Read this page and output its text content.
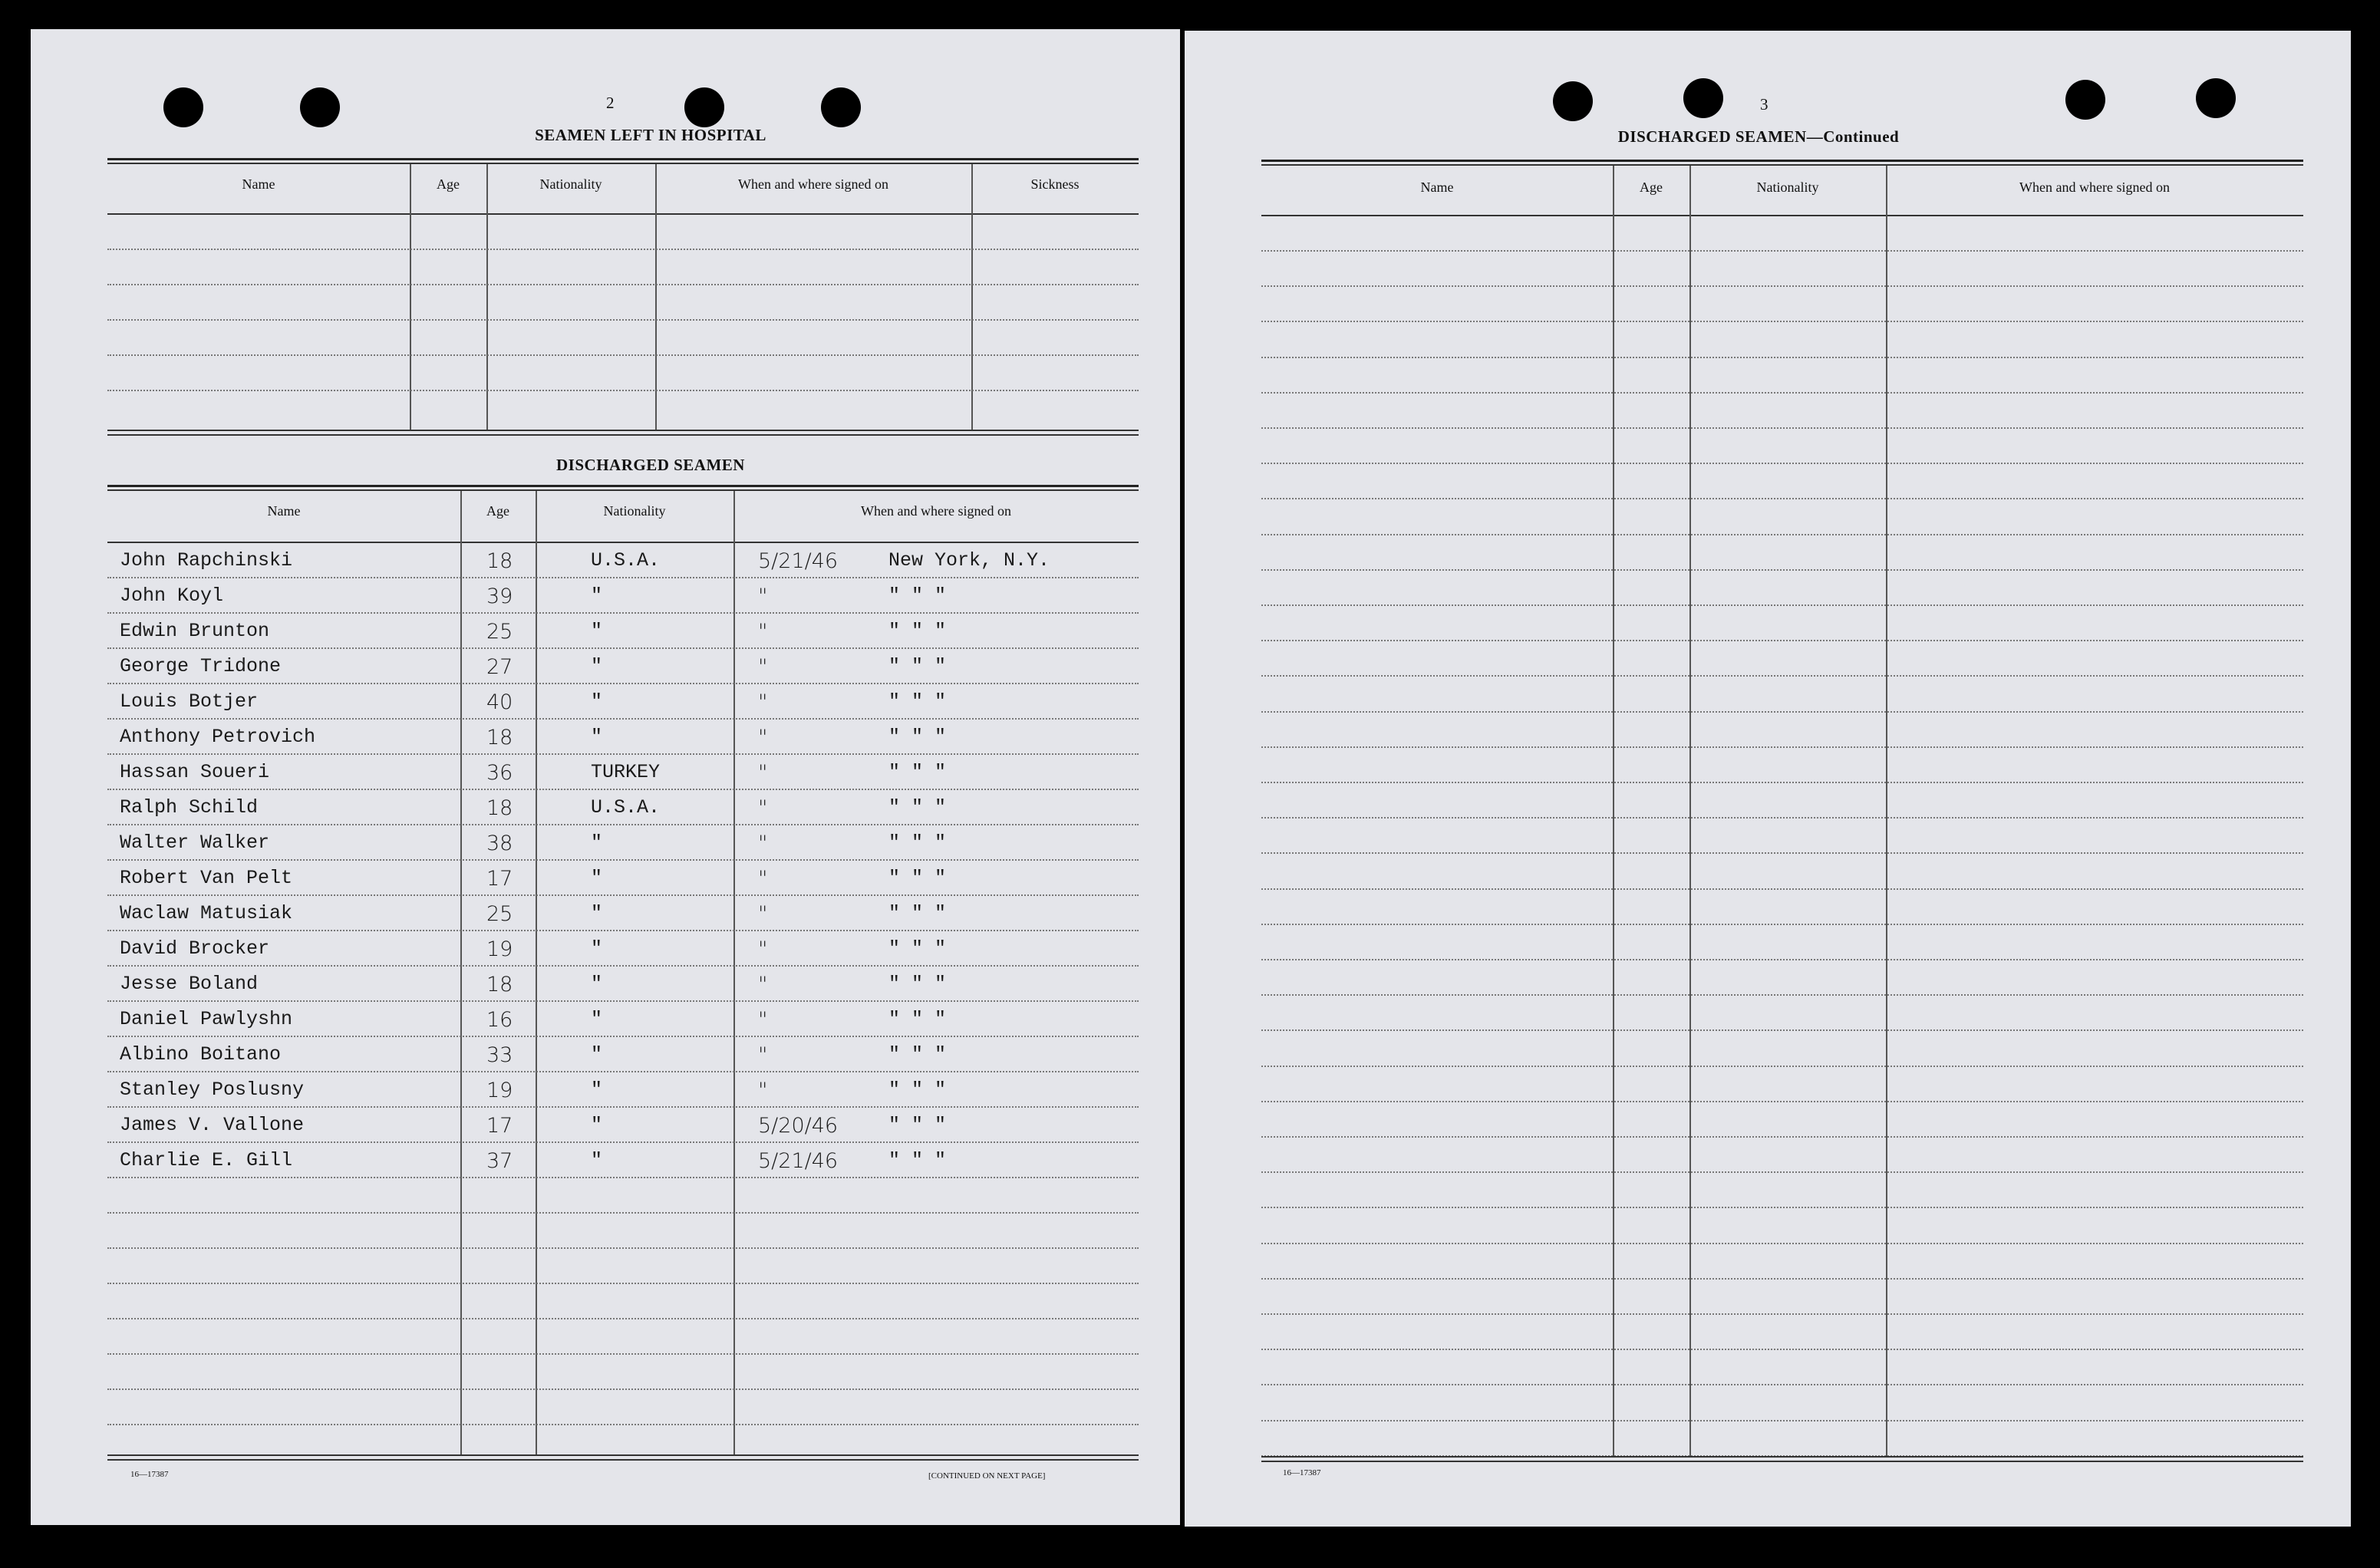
2
SEAMEN LEFT IN HOSPITAL
Name	Age	Nationality	When and where signed on	Sickness
DISCHARGED SEAMEN
Name	Age	Nationality	When and where signed on
John Rapchinski	18	U.S.A.	5/21/46	New York, N.Y.
John Koyl	39	"	"	" " "
Edwin Brunton	25	"	"	" " "
George Tridone	27	"	"	" " "
Louis Botjer	40	"	"	" " "
Anthony Petrovich	18	"	"	" " "
Hassan Soueri	36	TURKEY	"	" " "
Ralph Schild	18	U.S.A.	"	" " "
Walter Walker	38	"	"	" " "
Robert Van Pelt	17	"	"	" " "
Waclaw Matusiak	25	"	"	" " "
David Brocker	19	"	"	" " "
Jesse Boland	18	"	"	" " "
Daniel Pawlyshn	16	"	"	" " "
Albino Boitano	33	"	"	" " "
Stanley Poslusny	19	"	"	" " "
James V. Vallone	17	"	5/20/46	" " "
Charlie E. Gill	37	"	5/21/46	" " "
16—17387	[CONTINUED ON NEXT PAGE]
3
DISCHARGED SEAMEN—Continued
Name	Age	Nationality	When and where signed on
16—17387
